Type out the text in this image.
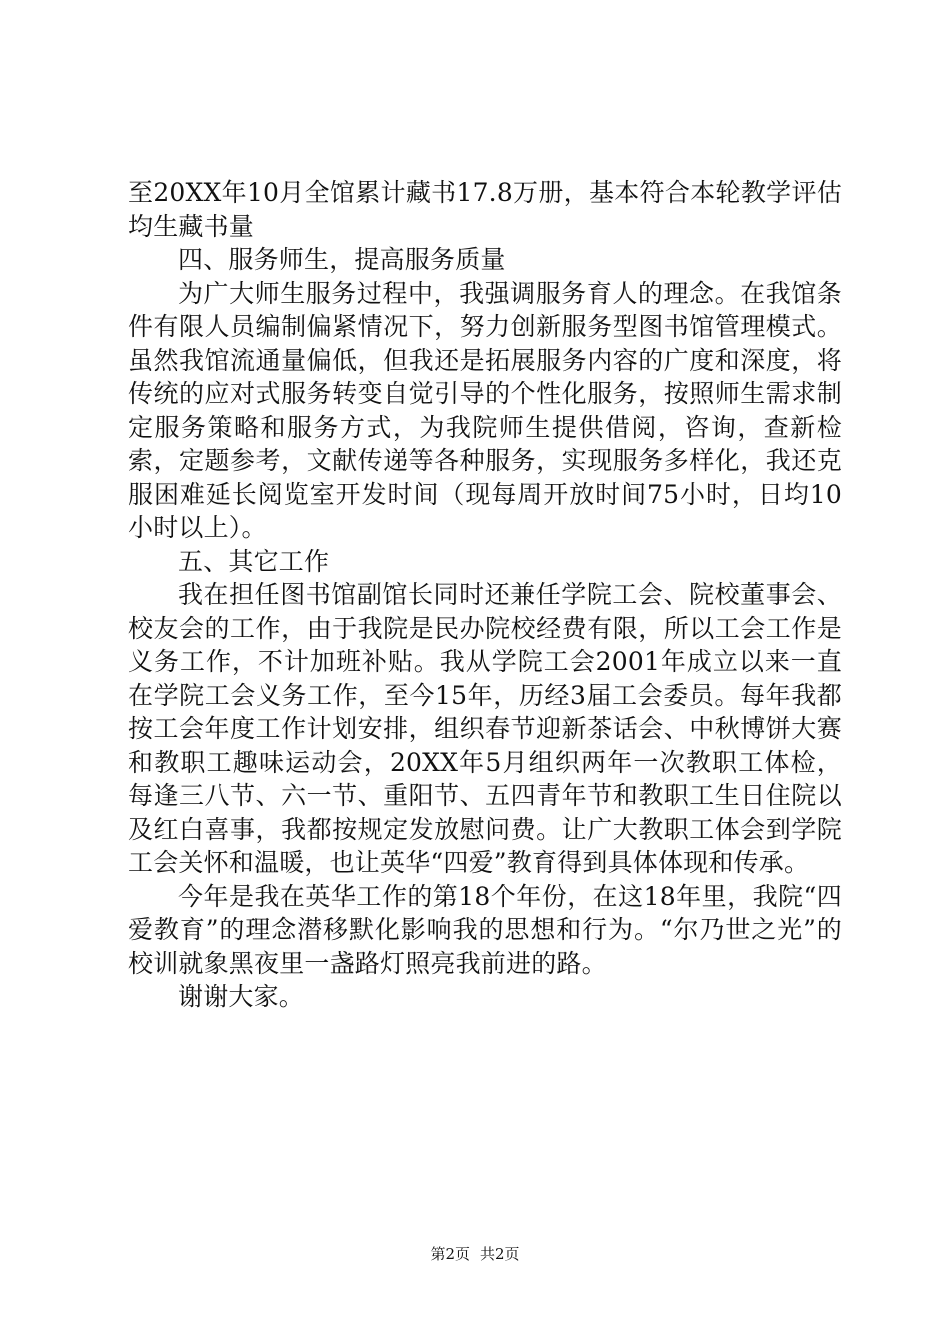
至20XX年10月全馆累计藏书17.8万册，基本符合本轮教学评估均生藏书量

四、服务师生，提高服务质量

为广大师生服务过程中，我强调服务育人的理念。在我馆条件有限人员编制偏紧情况下，努力创新服务型图书馆管理模式。虽然我馆流通量偏低，但我还是拓展服务内容的广度和深度，将传统的应对式服务转变自觉引导的个性化服务，按照师生需求制定服务策略和服务方式，为我院师生提供借阅，咨询，查新检索，定题参考，文献传递等各种服务，实现服务多样化，我还克服困难延长阅览室开发时间（现每周开放时间75小时，日均10小时以上）。

五、其它工作

我在担任图书馆副馆长同时还兼任学院工会、院校董事会、校友会的工作，由于我院是民办院校经费有限，所以工会工作是义务工作，不计加班补贴。我从学院工会2001年成立以来一直在学院工会义务工作，至今15年，历经3届工会委员。每年我都按工会年度工作计划安排，组织春节迎新茶话会、中秋博饼大赛和教职工趣味运动会，20XX年5月组织两年一次教职工体检，每逢三八节、六一节、重阳节、五四青年节和教职工生日住院以及红白喜事，我都按规定发放慰问费。让广大教职工体会到学院工会关怀和温暖，也让英华“四爱”教育得到具体体现和传承。

今年是我在英华工作的第18个年份，在这18年里，我院“四爱教育”的理念潜移默化影响我的思想和行为。“尔乃世之光”的校训就象黑夜里一盏路灯照亮我前进的路。

谢谢大家。

第2页 共2页
